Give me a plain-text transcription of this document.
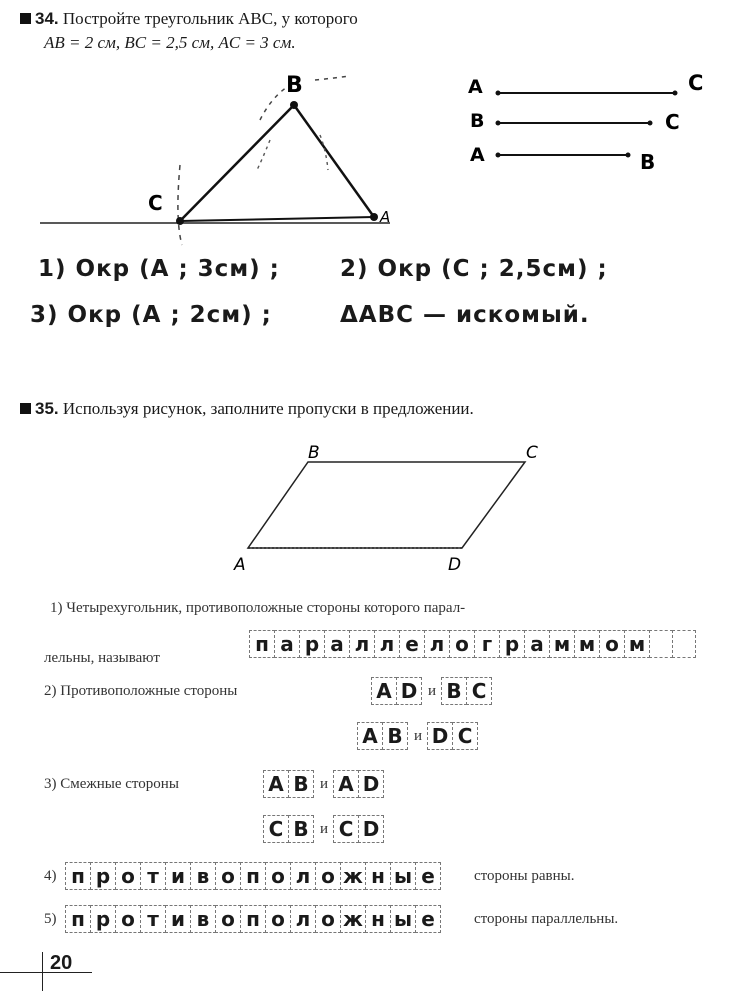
34. Постройте треугольник ABC, у которого
AB = 2 см, BC = 2,5 см, AC = 3 см.
B
C
A
A	C
B	C
A	B
1) Окр (A ; 3см) ;	2) Окр (C ; 2,5см) ;
3) Окр (A ; 2см) ;	ΔABC — искомый.
35. Используя рисунок, заполните пропуски в предложении.
B	C
A	D
1) Четырехугольник, противоположные стороны которого парал-
лельны, называют
п а р а л л е л о г р а м м о м
2) Противоположные стороны	A D и B C
A B и D C
3) Смежные стороны	A B и A D
C B и C D
4) п р о т и в о п о л о ж н ы е	стороны равны.
5) п р о т и в о п о л о ж н ы е	стороны параллельны.
20
